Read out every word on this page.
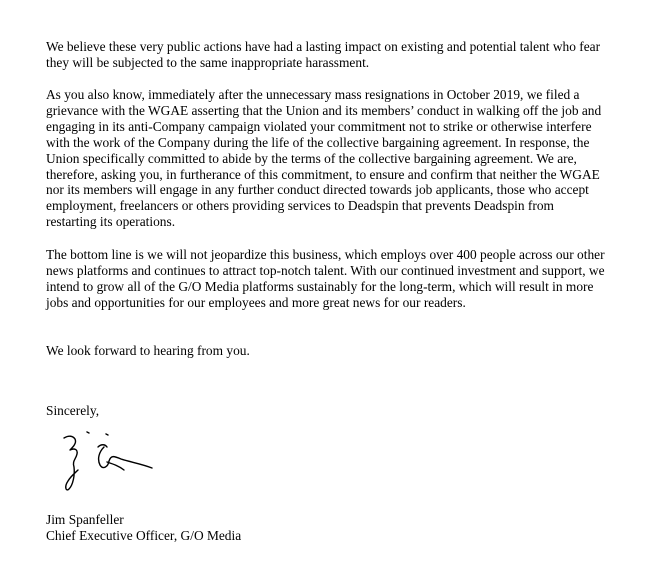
We believe these very public actions have had a lasting impact on existing and potential talent who fear they will be subjected to the same inappropriate harassment.

As you also know, immediately after the unnecessary mass resignations in October 2019, we filed a grievance with the WGAE asserting that the Union and its members’ conduct in walking off the job and engaging in its anti-Company campaign violated your commitment not to strike or otherwise interfere with the work of the Company during the life of the collective bargaining agreement. In response, the Union specifically committed to abide by the terms of the collective bargaining agreement. We are, therefore, asking you, in furtherance of this commitment, to ensure and confirm that neither the WGAE nor its members will engage in any further conduct directed towards job applicants, those who accept employment, freelancers or others providing services to Deadspin that prevents Deadspin from restarting its operations.

The bottom line is we will not jeopardize this business, which employs over 400 people across our other news platforms and continues to attract top-notch talent. With our continued investment and support, we intend to grow all of the G/O Media platforms sustainably for the long-term, which will result in more jobs and opportunities for our employees and more great news for our readers.

We look forward to hearing from you.

Sincerely,

Jim Spanfeller

Chief Executive Officer, G/O Media
